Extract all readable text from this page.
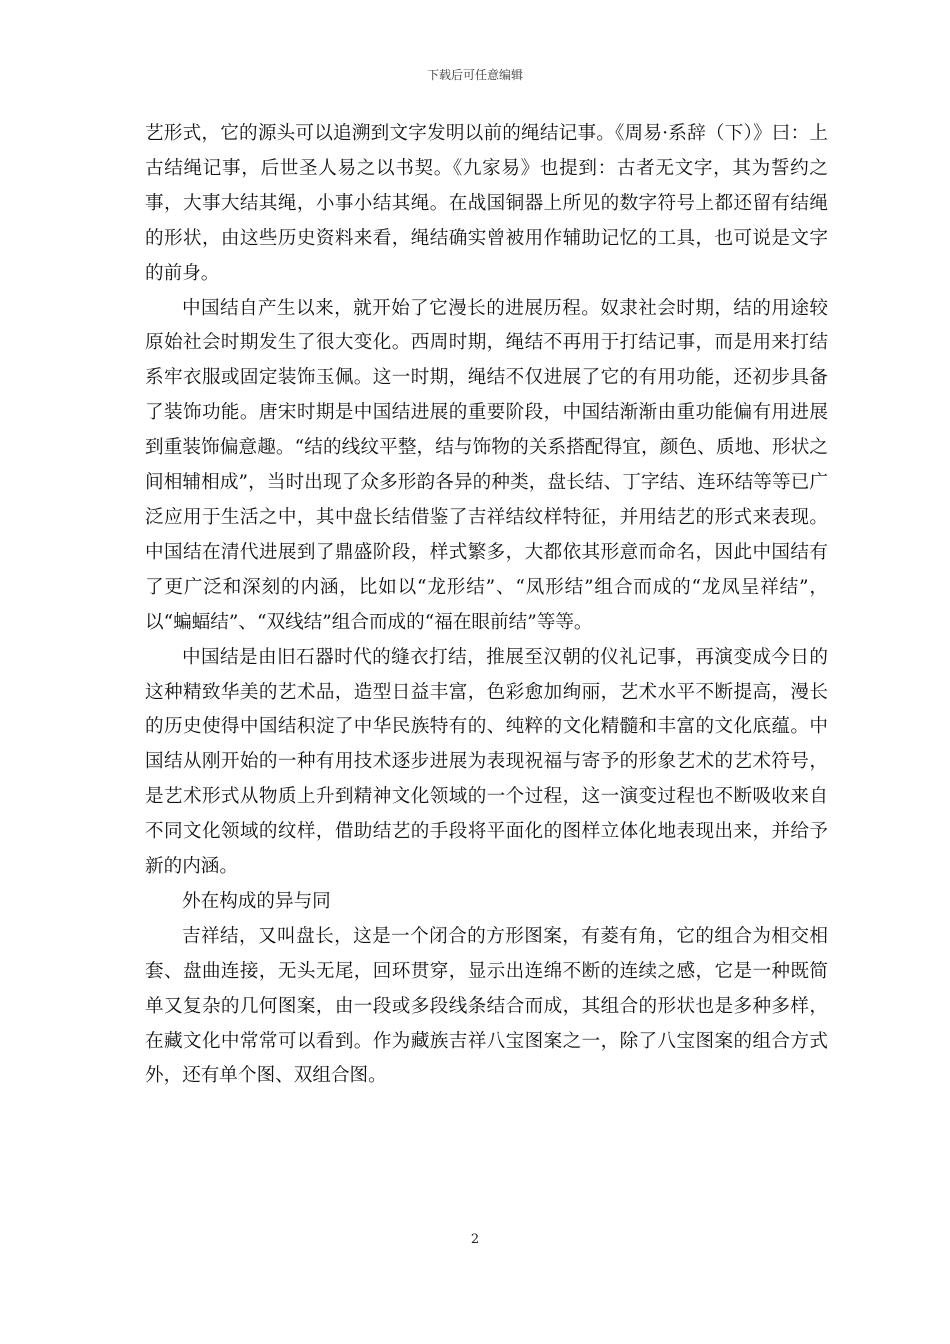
下载后可任意编辑

艺形式，它的源头可以追溯到文字发明以前的绳结记事。《周易·系辞（下）》曰：上古结绳记事，后世圣人易之以书契。《九家易》也提到：古者无文字，其为誓约之事，大事大结其绳，小事小结其绳。在战国铜器上所见的数字符号上都还留有结绳的形状，由这些历史资料来看，绳结确实曾被用作辅助记忆的工具，也可说是文字的前身。

中国结自产生以来，就开始了它漫长的进展历程。奴隶社会时期，结的用途较原始社会时期发生了很大变化。西周时期，绳结不再用于打结记事，而是用来打结系牢衣服或固定装饰玉佩。这一时期，绳结不仅进展了它的有用功能，还初步具备了装饰功能。唐宋时期是中国结进展的重要阶段，中国结渐渐由重功能偏有用进展到重装饰偏意趣。“结的线纹平整，结与饰物的关系搭配得宜，颜色、质地、形状之间相辅相成”，当时出现了众多形韵各异的种类，盘长结、丁字结、连环结等等已广泛应用于生活之中，其中盘长结借鉴了吉祥结纹样特征，并用结艺的形式来表现。中国结在清代进展到了鼎盛阶段，样式繁多，大都依其形意而命名，因此中国结有了更广泛和深刻的内涵，比如以“龙形结”、“凤形结”组合而成的“龙凤呈祥结”，以“蝙蝠结”、“双线结”组合而成的“福在眼前结”等等。

中国结是由旧石器时代的缝衣打结，推展至汉朝的仪礼记事，再演变成今日的这种精致华美的艺术品，造型日益丰富，色彩愈加绚丽，艺术水平不断提高，漫长的历史使得中国结积淀了中华民族特有的、纯粹的文化精髓和丰富的文化底蕴。中国结从刚开始的一种有用技术逐步进展为表现祝福与寄予的形象艺术的艺术符号，是艺术形式从物质上升到精神文化领域的一个过程，这一演变过程也不断吸收来自不同文化领域的纹样，借助结艺的手段将平面化的图样立体化地表现出来，并给予新的内涵。

外在构成的异与同

吉祥结，又叫盘长，这是一个闭合的方形图案，有菱有角，它的组合为相交相套、盘曲连接，无头无尾，回环贯穿，显示出连绵不断的连续之感，它是一种既简单又复杂的几何图案，由一段或多段线条结合而成，其组合的形状也是多种多样，在藏文化中常常可以看到。作为藏族吉祥八宝图案之一，除了八宝图案的组合方式外，还有单个图、双组合图。

2
